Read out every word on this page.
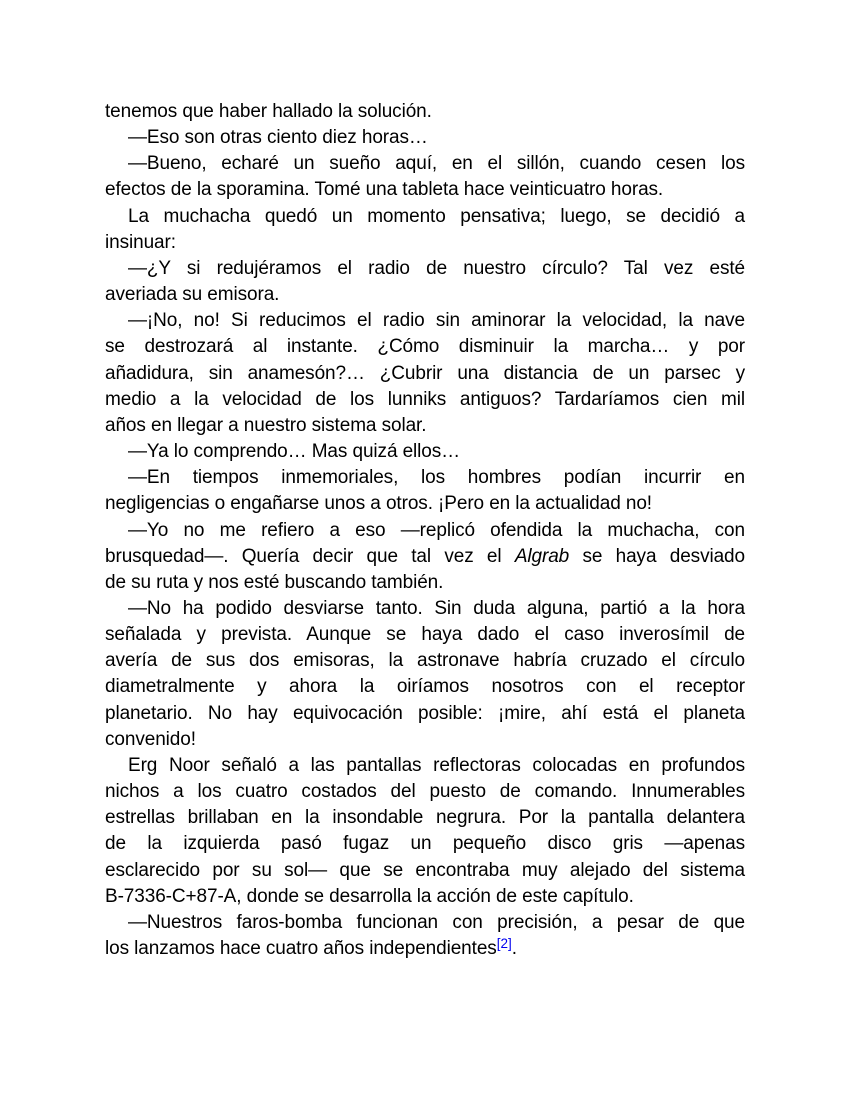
tenemos que haber hallado la solución.
—Eso son otras ciento diez horas…
—Bueno, echaré un sueño aquí, en el sillón, cuando cesen los
efectos de la sporamina. Tomé una tableta hace veinticuatro horas.
La muchacha quedó un momento pensativa; luego, se decidió a
insinuar:
—¿Y si redujéramos el radio de nuestro círculo? Tal vez esté
averiada su emisora.
—¡No, no! Si reducimos el radio sin aminorar la velocidad, la nave
se destrozará al instante. ¿Cómo disminuir la marcha… y por
añadidura, sin anamesón?… ¿Cubrir una distancia de un parsec y
medio a la velocidad de los lunniks antiguos? Tardaríamos cien mil
años en llegar a nuestro sistema solar.
—Ya lo comprendo… Mas quizá ellos…
—En tiempos inmemoriales, los hombres podían incurrir en
negligencias o engañarse unos a otros. ¡Pero en la actualidad no!
—Yo no me refiero a eso —replicó ofendida la muchacha, con
brusquedad—. Quería decir que tal vez el Algrab se haya desviado
de su ruta y nos esté buscando también.
—No ha podido desviarse tanto. Sin duda alguna, partió a la hora
señalada y prevista. Aunque se haya dado el caso inverosímil de
avería de sus dos emisoras, la astronave habría cruzado el círculo
diametralmente y ahora la oiríamos nosotros con el receptor
planetario. No hay equivocación posible: ¡mire, ahí está el planeta
convenido!
Erg Noor señaló a las pantallas reflectoras colocadas en profundos
nichos a los cuatro costados del puesto de comando. Innumerables
estrellas brillaban en la insondable negrura. Por la pantalla delantera
de la izquierda pasó fugaz un pequeño disco gris —apenas
esclarecido por su sol— que se encontraba muy alejado del sistema
B-7336-C+87-A, donde se desarrolla la acción de este capítulo.
—Nuestros faros-bomba funcionan con precisión, a pesar de que
los lanzamos hace cuatro años independientes[2].
